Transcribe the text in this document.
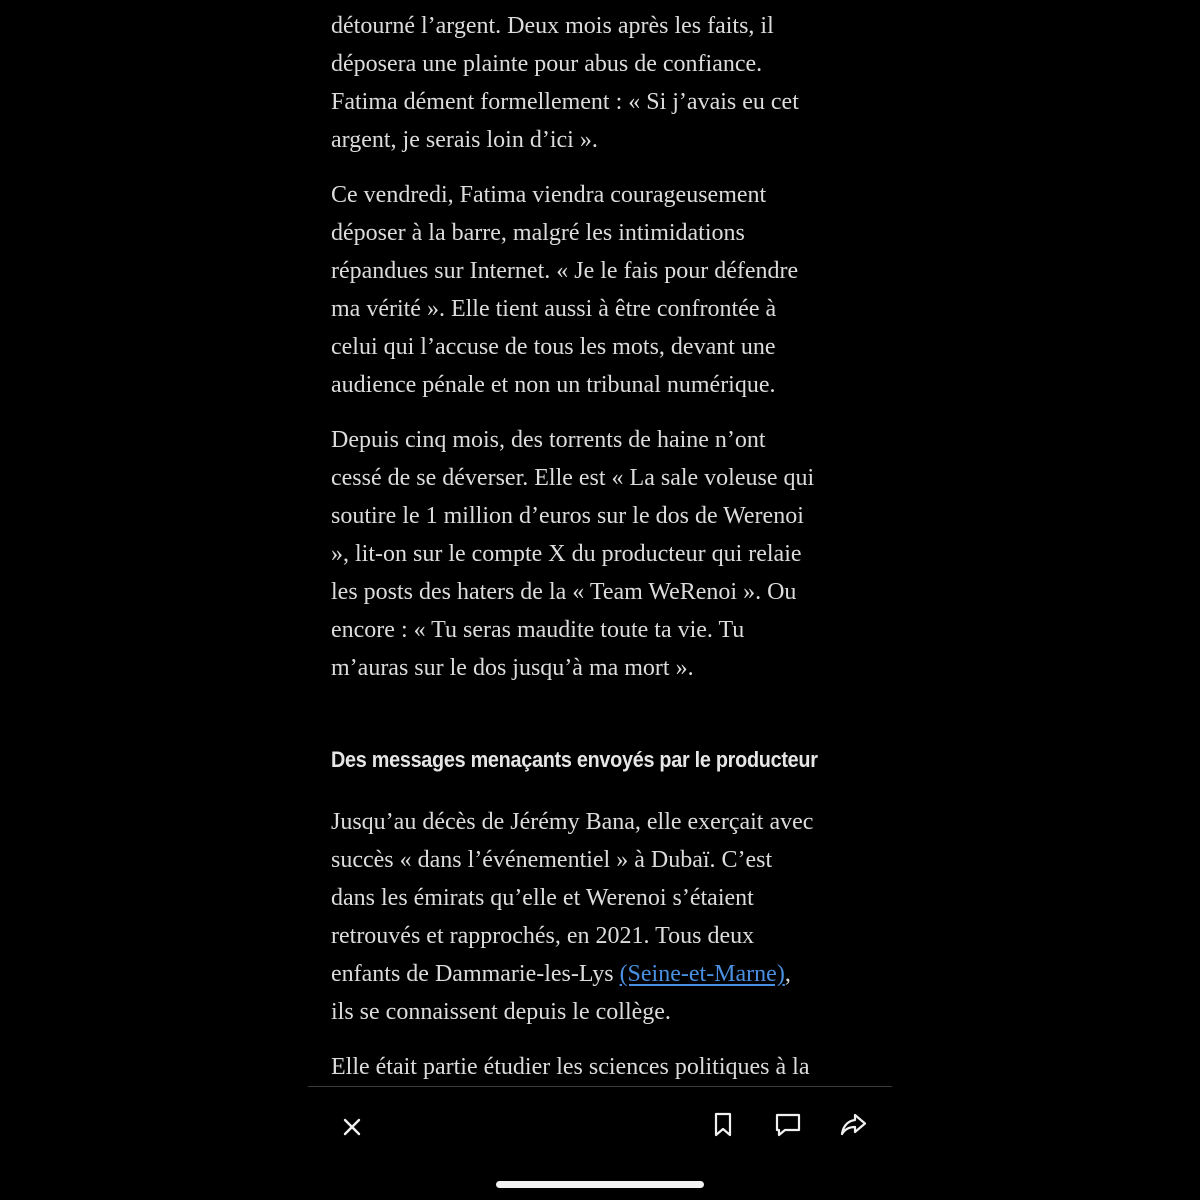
détourné l’argent. Deux mois après les faits, il
déposera une plainte pour abus de confiance.
Fatima dément formellement : « Si j’avais eu cet
argent, je serais loin d’ici ».
Ce vendredi, Fatima viendra courageusement
déposer à la barre, malgré les intimidations
répandues sur Internet. « Je le fais pour défendre
ma vérité ». Elle tient aussi à être confrontée à
celui qui l’accuse de tous les mots, devant une
audience pénale et non un tribunal numérique.
Depuis cinq mois, des torrents de haine n’ont
cessé de se déverser. Elle est « La sale voleuse qui
soutire le 1 million d’euros sur le dos de Werenoi
», lit-on sur le compte X du producteur qui relaie
les posts des haters de la « Team WeRenoi ». Ou
encore : « Tu seras maudite toute ta vie. Tu
m’auras sur le dos jusqu’à ma mort ».
Des messages menaçants envoyés par le producteur
Jusqu’au décès de Jérémy Bana, elle exerçait avec
succès « dans l’événementiel » à Dubaï. C’est
dans les émirats qu’elle et Werenoi s’étaient
retrouvés et rapprochés, en 2021. Tous deux
enfants de Dammarie-les-Lys (Seine-et-Marne),
ils se connaissent depuis le collège.
Elle était partie étudier les sciences politiques à la
